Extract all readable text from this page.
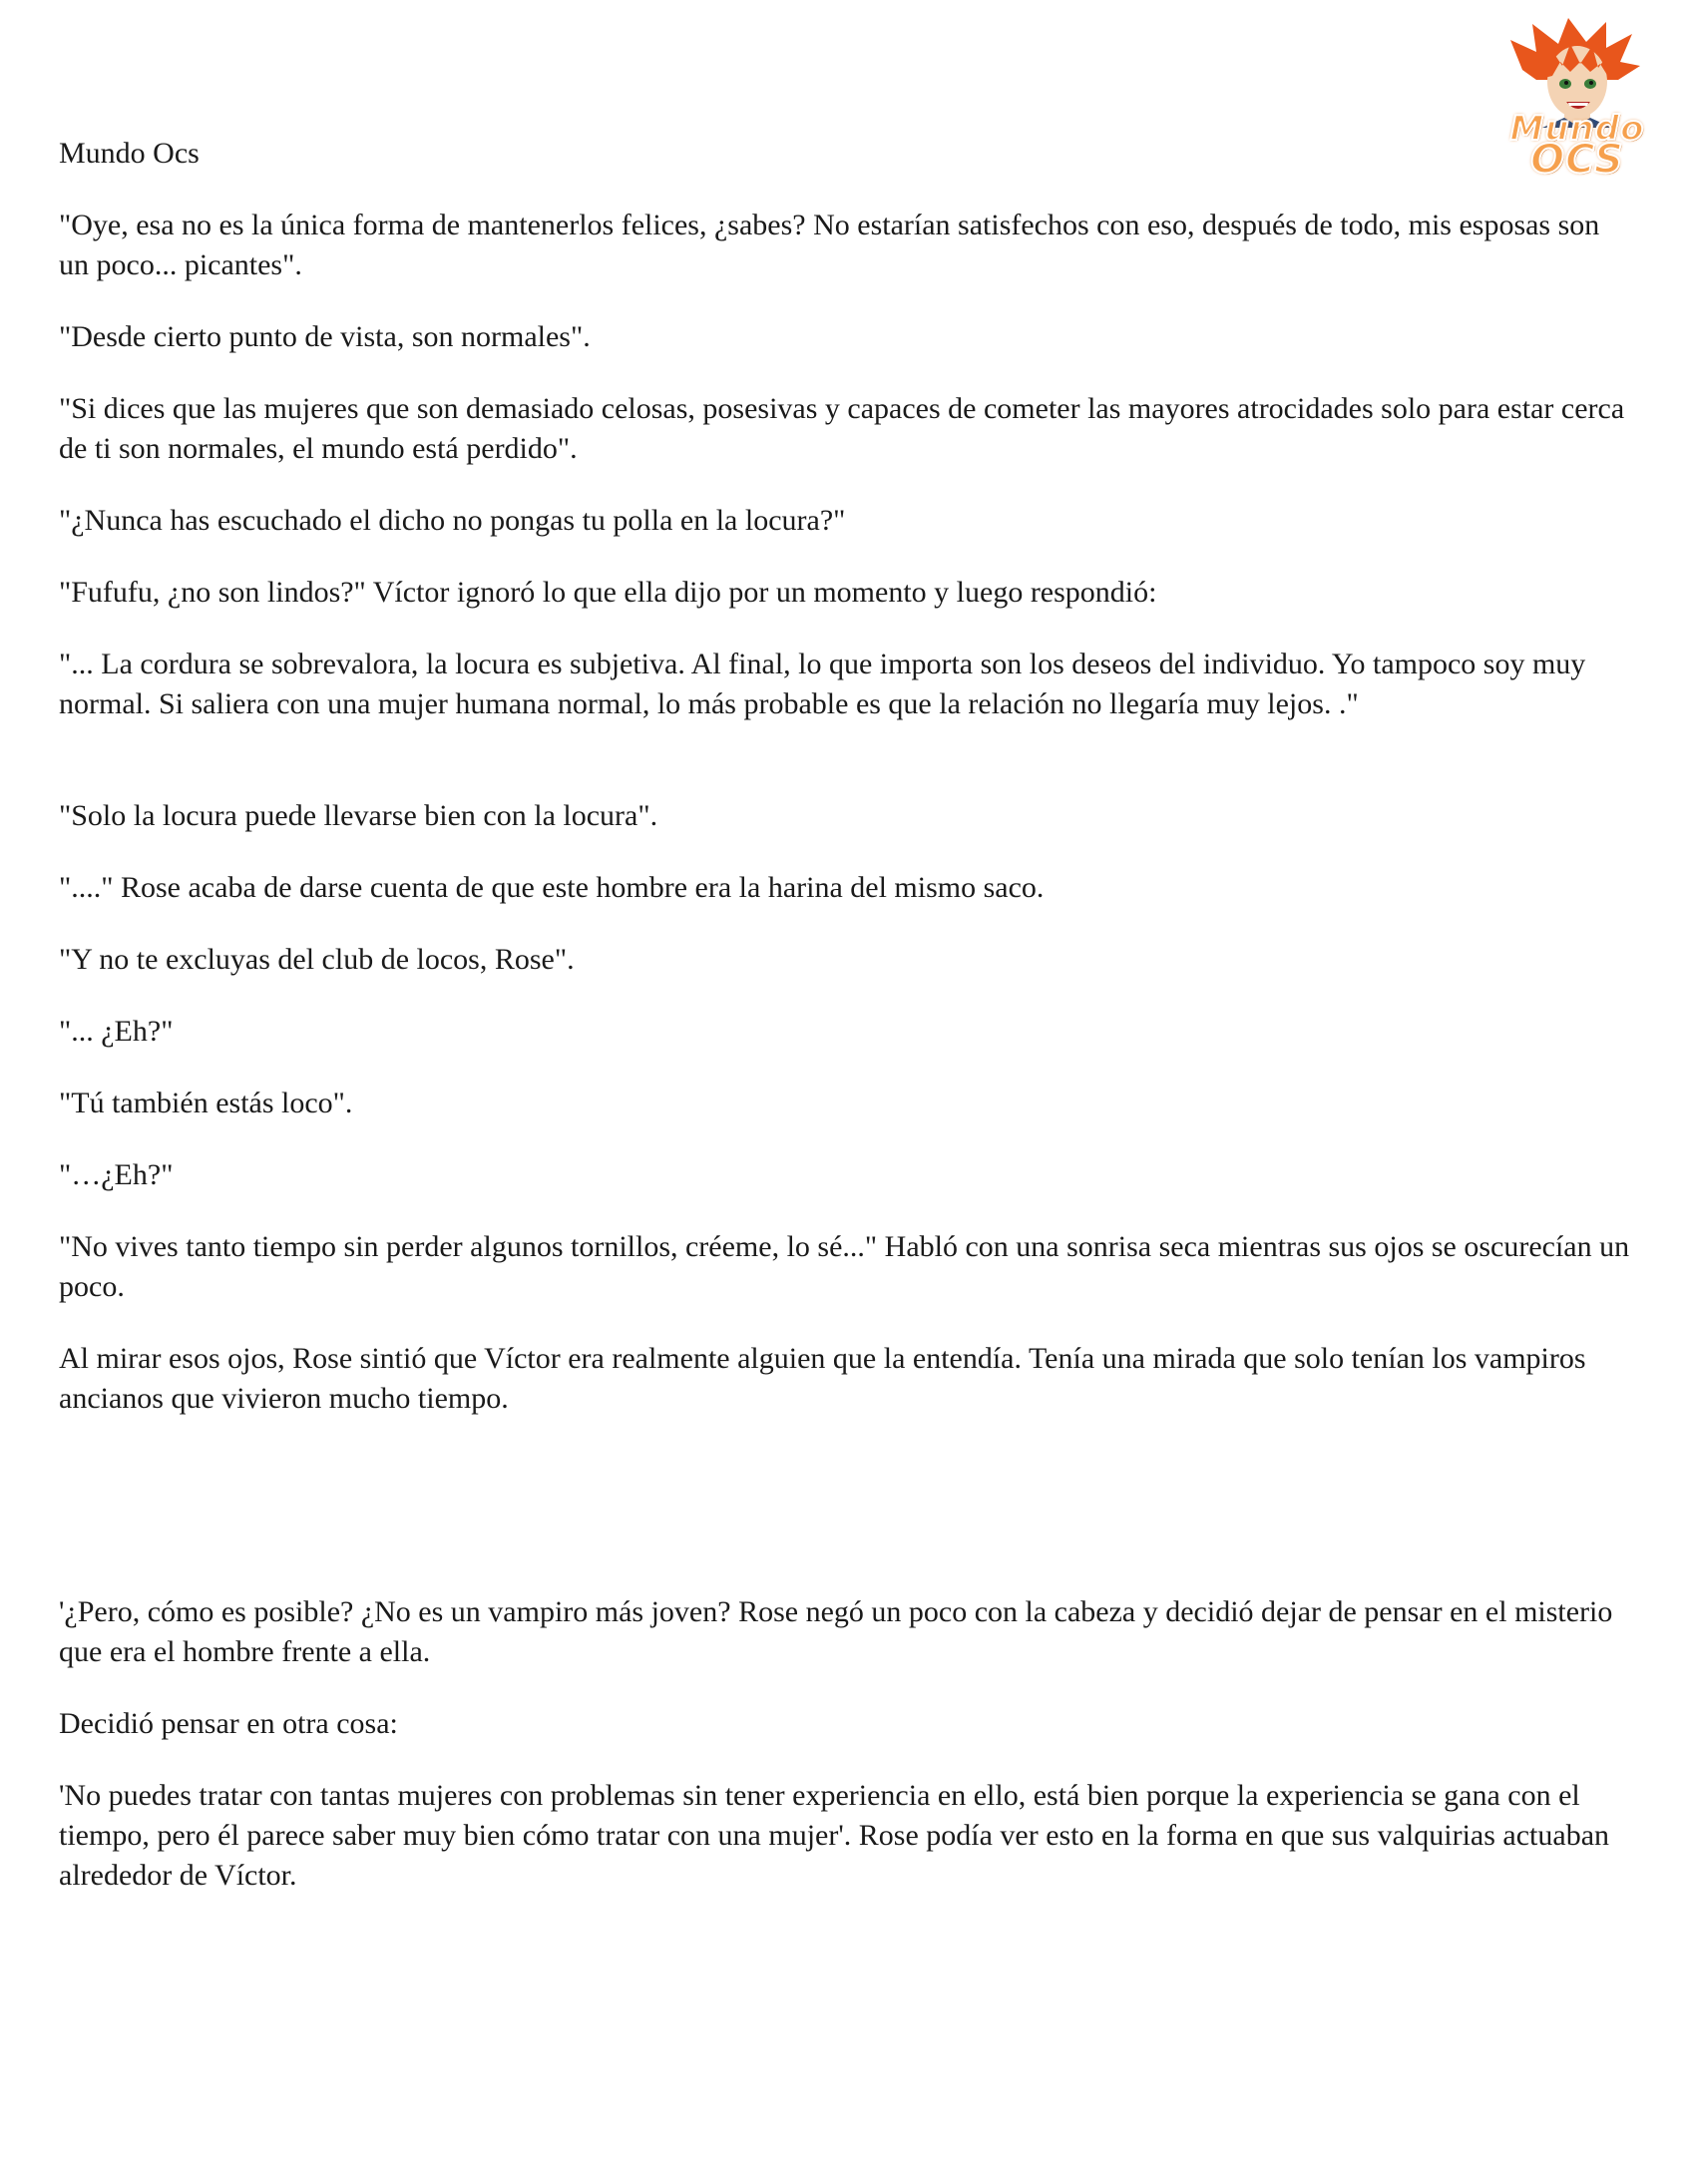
Mundo
OCS

Mundo Ocs

"Oye, esa no es la única forma de mantenerlos felices, ¿sabes? No estarían satisfechos con eso, después de todo, mis esposas son un poco... picantes".

"Desde cierto punto de vista, son normales".

"Si dices que las mujeres que son demasiado celosas, posesivas y capaces de cometer las mayores atrocidades solo para estar cerca de ti son normales, el mundo está perdido".

"¿Nunca has escuchado el dicho no pongas tu polla en la locura?"

"Fufufu, ¿no son lindos?" Víctor ignoró lo que ella dijo por un momento y luego respondió:

"... La cordura se sobrevalora, la locura es subjetiva. Al final, lo que importa son los deseos del individuo. Yo tampoco soy muy normal. Si saliera con una mujer humana normal, lo más probable es que la relación no llegaría muy lejos. ."

"Solo la locura puede llevarse bien con la locura".

"...." Rose acaba de darse cuenta de que este hombre era la harina del mismo saco.

"Y no te excluyas del club de locos, Rose".

"... ¿Eh?"

"Tú también estás loco".

"…¿Eh?"

"No vives tanto tiempo sin perder algunos tornillos, créeme, lo sé..." Habló con una sonrisa seca mientras sus ojos se oscurecían un poco.

Al mirar esos ojos, Rose sintió que Víctor era realmente alguien que la entendía. Tenía una mirada que solo tenían los vampiros ancianos que vivieron mucho tiempo.

'¿Pero, cómo es posible? ¿No es un vampiro más joven? Rose negó un poco con la cabeza y decidió dejar de pensar en el misterio que era el hombre frente a ella.

Decidió pensar en otra cosa:

'No puedes tratar con tantas mujeres con problemas sin tener experiencia en ello, está bien porque la experiencia se gana con el tiempo, pero él parece saber muy bien cómo tratar con una mujer'. Rose podía ver esto en la forma en que sus valquirias actuaban alrededor de Víctor.
